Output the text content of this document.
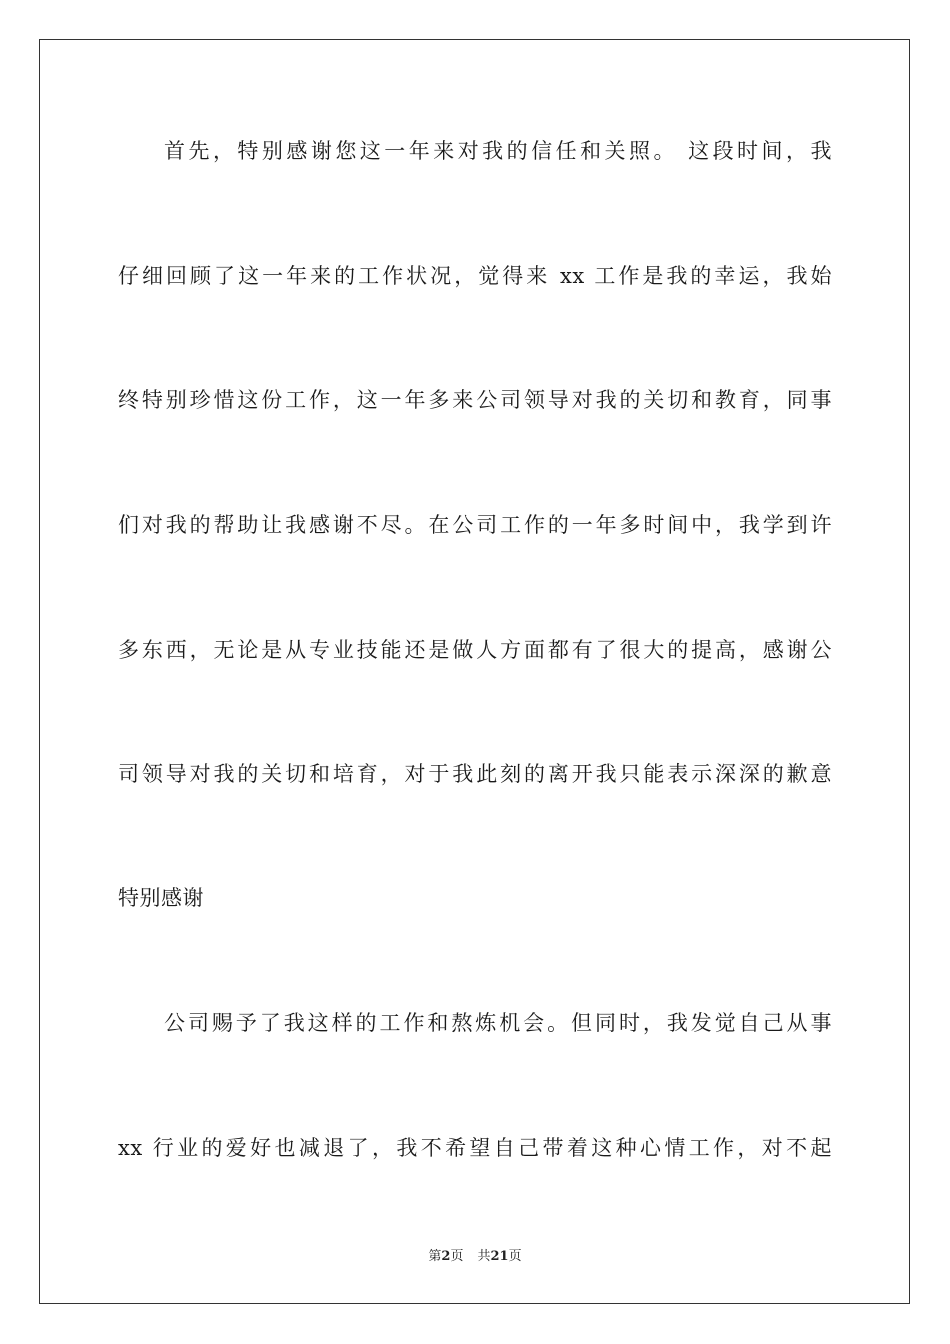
首先，特别感谢您这一年来对我的信任和关照。 这段时间，我
仔细回顾了这一年来的工作状况，觉得来 xx 工作是我的幸运，我始
终特别珍惜这份工作，这一年多来公司领导对我的关切和教育，同事
们对我的帮助让我感谢不尽。在公司工作的一年多时间中，我学到许
多东西，无论是从专业技能还是做人方面都有了很大的提高，感谢公
司领导对我的关切和培育，对于我此刻的离开我只能表示深深的歉意
特别感谢
公司赐予了我这样的工作和熬炼机会。但同时，我发觉自己从事
xx 行业的爱好也减退了，我不希望自己带着这种心情工作，对不起
第2页 共21页
